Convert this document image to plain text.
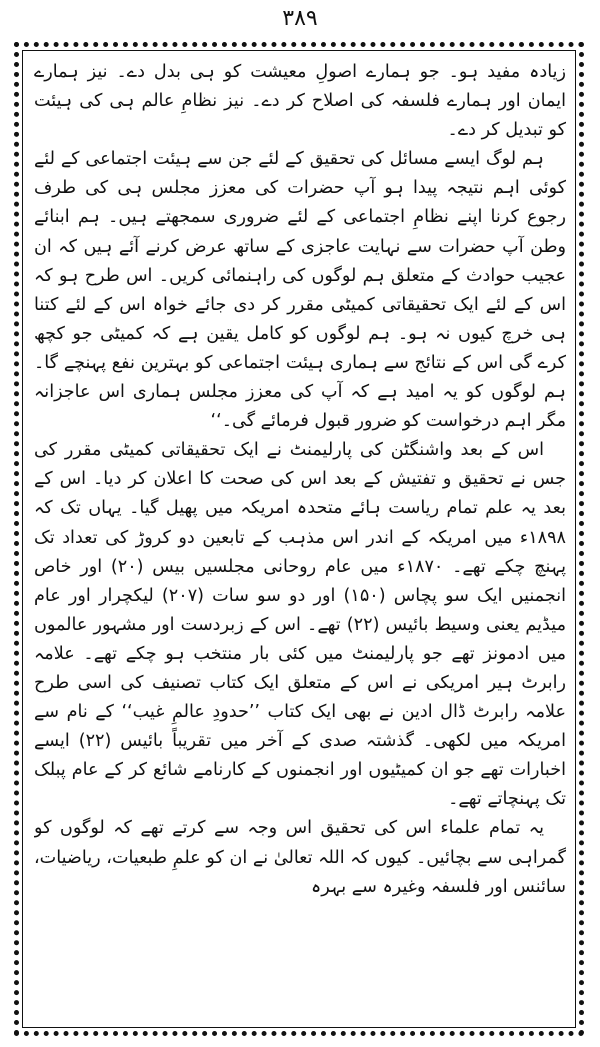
۳۸۹

زیادہ مفید ہو۔ جو ہمارے اصولِ معیشت کو ہی بدل دے۔ نیز ہمارے ایمان اور ہمارے فلسفہ کی اصلاح کر دے۔ نیز نظامِ عالم ہی کی ہیئت کو تبدیل کر دے۔

ہم لوگ ایسے مسائل کی تحقیق کے لئے جن سے ہیئت اجتماعی کے لئے کوئی اہم نتیجہ پیدا ہو آپ حضرات کی معزز مجلس ہی کی طرف رجوع کرنا اپنے نظامِ اجتماعی کے لئے ضروری سمجھتے ہیں۔ ہم ابنائے وطن آپ حضرات سے نہایت عاجزی کے ساتھ عرض کرنے آئے ہیں کہ ان عجیب حوادث کے متعلق ہم لوگوں کی راہنمائی کریں۔ اس طرح ہو کہ اس کے لئے ایک تحقیقاتی کمیٹی مقرر کر دی جائے خواہ اس کے لئے کتنا ہی خرچ کیوں نہ ہو۔ ہم لوگوں کو کامل یقین ہے کہ کمیٹی جو کچھ کرے گی اس کے نتائج سے ہماری ہیئت اجتماعی کو بہترین نفع پہنچے گا۔ ہم لوگوں کو یہ امید ہے کہ آپ کی معزز مجلس ہماری اس عاجزانہ مگر اہم درخواست کو ضرور قبول فرمائے گی۔‘‘

اس کے بعد واشنگٹن کی پارلیمنٹ نے ایک تحقیقاتی کمیٹی مقرر کی جس نے تحقیق و تفتیش کے بعد اس کی صحت کا اعلان کر دیا۔ اس کے بعد یہ علم تمام ریاست ہائے متحدہ امریکہ میں پھیل گیا۔ یہاں تک کہ ۱۸۹۸ء میں امریکہ کے اندر اس مذہب کے تابعین دو کروڑ کی تعداد تک پہنچ چکے تھے۔ ۱۸۷۰ء میں عام روحانی مجلسیں بیس (۲۰) اور خاص انجمنیں ایک سو پچاس (۱۵۰) اور دو سو سات (۲۰۷) لیکچرار اور عام میڈیم یعنی وسیط بائیس (۲۲) تھے۔ اس کے زبردست اور مشہور عالموں میں ادمونز تھے جو پارلیمنٹ میں کئی بار منتخب ہو چکے تھے۔ علامہ رابرٹ ہیر امریکی نے اس کے متعلق ایک کتاب تصنیف کی اسی طرح علامہ رابرٹ ڈال ادین نے بھی ایک کتاب ’’حدودِ عالمِ غیب‘‘ کے نام سے امریکہ میں لکھی۔ گذشتہ صدی کے آخر میں تقریباً بائیس (۲۲) ایسے اخبارات تھے جو ان کمیٹیوں اور انجمنوں کے کارنامے شائع کر کے عام پبلک تک پہنچاتے تھے۔

یہ تمام علماء اس کی تحقیق اس وجہ سے کرتے تھے کہ لوگوں کو گمراہی سے بچائیں۔ کیوں کہ اللہ تعالیٰ نے ان کو علمِ طبعیات، ریاضیات، سائنس اور فلسفہ وغیرہ سے بہرہ
